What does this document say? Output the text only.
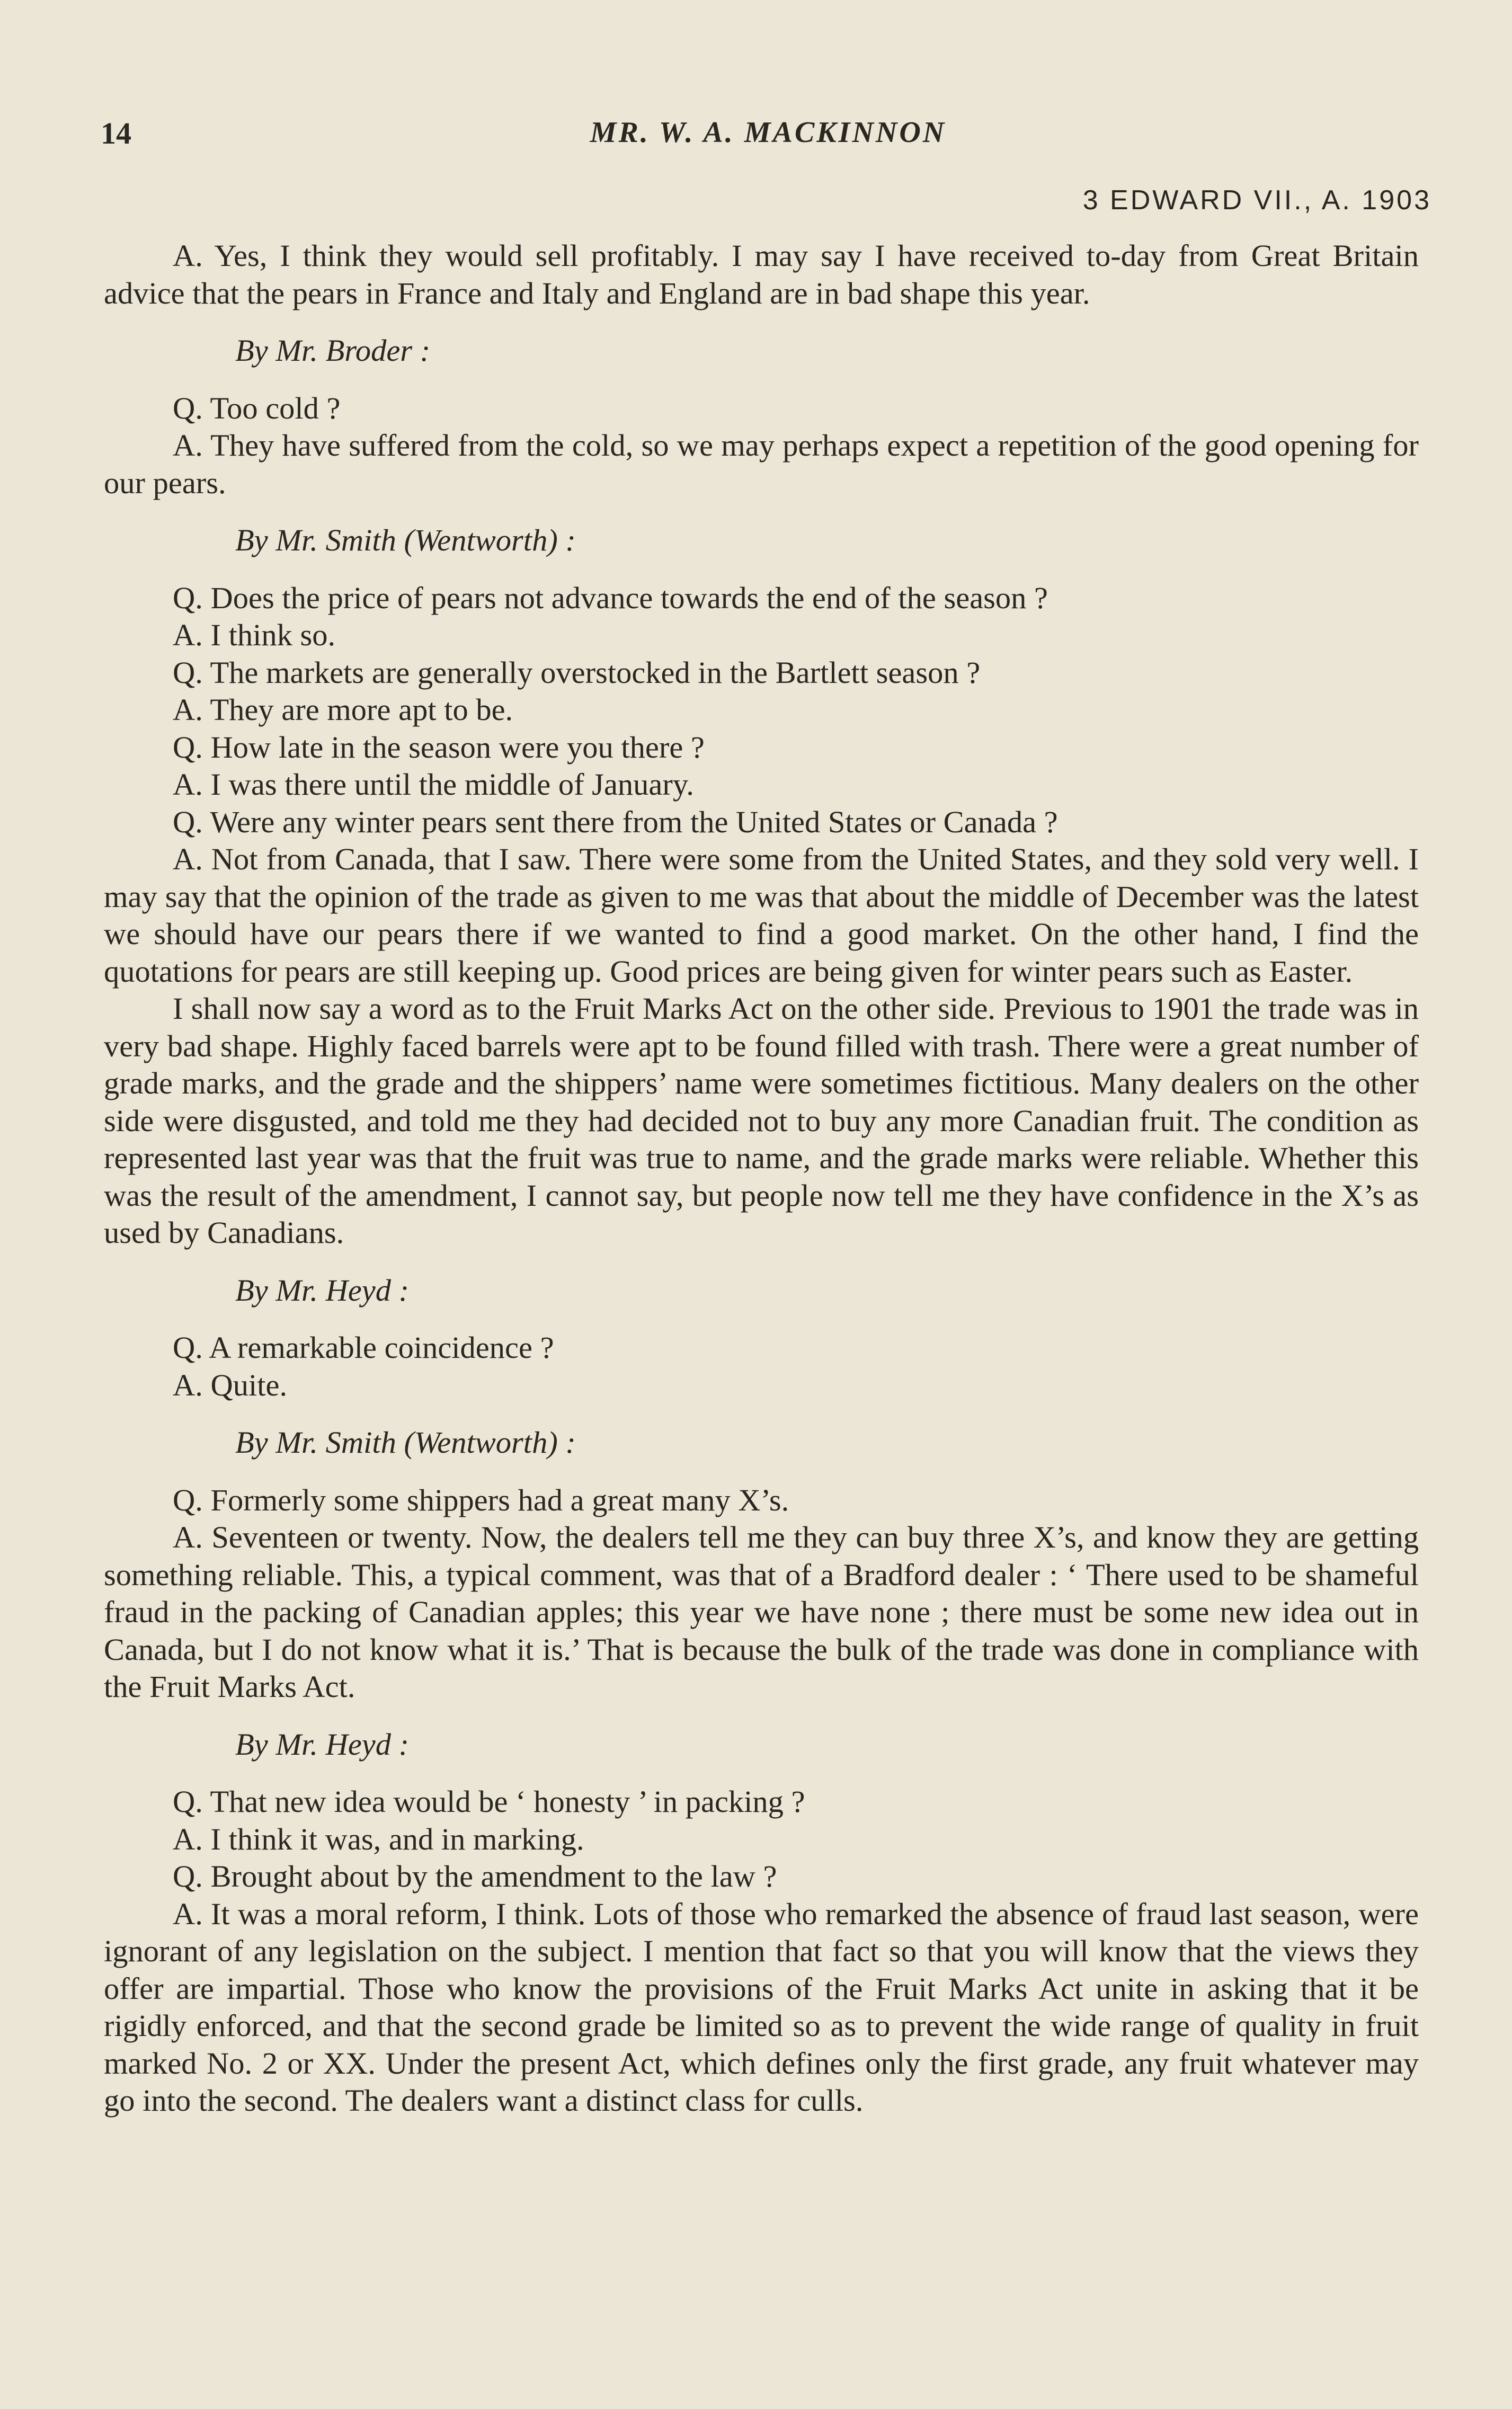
14	MR. W. A. MACKINNON
3 EDWARD VII., A. 1903

A. Yes, I think they would sell profitably. I may say I have received to-day from Great Britain advice that the pears in France and Italy and England are in bad shape this year.

By Mr. Broder :

Q. Too cold ?

A. They have suffered from the cold, so we may perhaps expect a repetition of the good opening for our pears.

By Mr. Smith (Wentworth) :

Q. Does the price of pears not advance towards the end of the season ?

A. I think so.

Q. The markets are generally overstocked in the Bartlett season ?

A. They are more apt to be.

Q. How late in the season were you there ?

A. I was there until the middle of January.

Q. Were any winter pears sent there from the United States or Canada ?

A. Not from Canada, that I saw. There were some from the United States, and they sold very well. I may say that the opinion of the trade as given to me was that about the middle of December was the latest we should have our pears there if we wanted to find a good market. On the other hand, I find the quotations for pears are still keeping up. Good prices are being given for winter pears such as Easter.

I shall now say a word as to the Fruit Marks Act on the other side. Previous to 1901 the trade was in very bad shape. Highly faced barrels were apt to be found filled with trash. There were a great number of grade marks, and the grade and the shippers’ name were sometimes fictitious. Many dealers on the other side were disgusted, and told me they had decided not to buy any more Canadian fruit. The condition as represented last year was that the fruit was true to name, and the grade marks were reliable. Whether this was the result of the amendment, I cannot say, but people now tell me they have confidence in the X’s as used by Canadians.

By Mr. Heyd :

Q. A remarkable coincidence ?

A. Quite.

By Mr. Smith (Wentworth) :

Q. Formerly some shippers had a great many X’s.

A. Seventeen or twenty. Now, the dealers tell me they can buy three X’s, and know they are getting something reliable. This, a typical comment, was that of a Bradford dealer : ‘ There used to be shameful fraud in the packing of Canadian apples; this year we have none ; there must be some new idea out in Canada, but I do not know what it is.’ That is because the bulk of the trade was done in compliance with the Fruit Marks Act.

By Mr. Heyd :

Q. That new idea would be ‘ honesty ’ in packing ?

A. I think it was, and in marking.

Q. Brought about by the amendment to the law ?

A. It was a moral reform, I think. Lots of those who remarked the absence of fraud last season, were ignorant of any legislation on the subject. I mention that fact so that you will know that the views they offer are impartial. Those who know the provisions of the Fruit Marks Act unite in asking that it be rigidly enforced, and that the second grade be limited so as to prevent the wide range of quality in fruit marked No. 2 or XX. Under the present Act, which defines only the first grade, any fruit whatever may go into the second. The dealers want a distinct class for culls.
